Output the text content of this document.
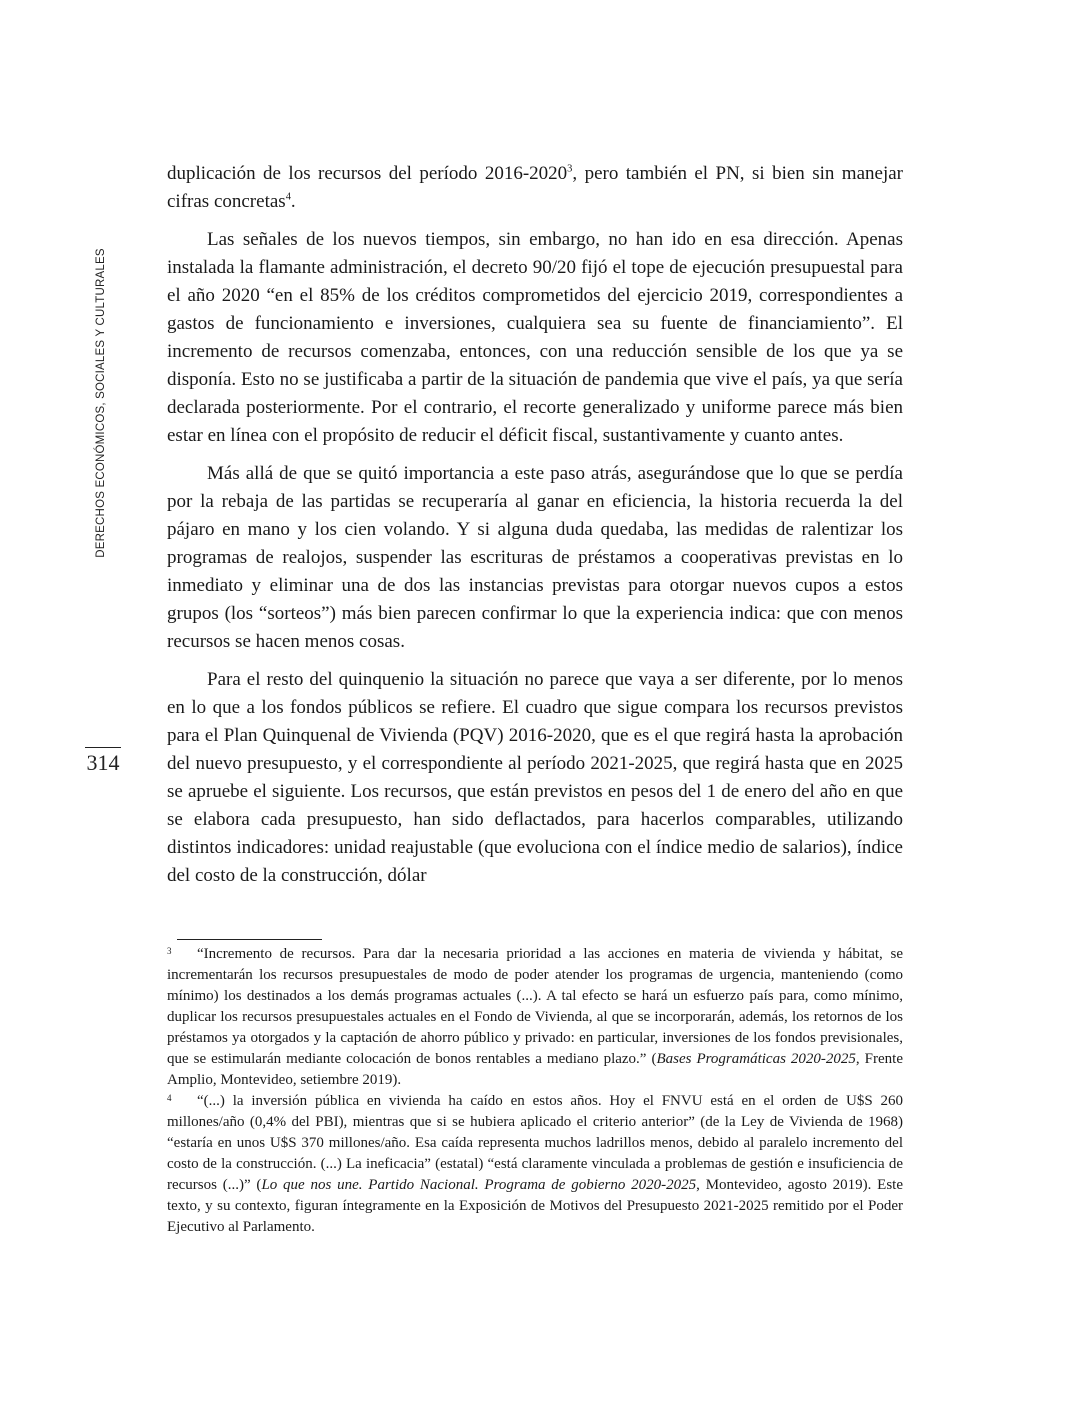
DERECHOS ECONÓMICOS, SOCIALES Y CULTURALES
314

duplicación de los recursos del período 2016-2020$^3$, pero también el PN, si bien sin manejar cifras concretas$^4$.

Las señales de los nuevos tiempos, sin embargo, no han ido en esa dirección. Apenas instalada la flamante administración, el decreto 90/20 fijó el tope de ejecución presupuestal para el año 2020 “en el 85% de los créditos comprometidos del ejercicio 2019, correspondientes a gastos de funcionamiento e inversiones, cualquiera sea su fuente de financiamiento”. El incremento de recursos comenzaba, entonces, con una reducción sensible de los que ya se disponía. Esto no se justificaba a partir de la situación de pandemia que vive el país, ya que sería declarada posteriormente. Por el contrario, el recorte generalizado y uniforme parece más bien estar en línea con el propósito de reducir el déficit fiscal, sustantivamente y cuanto antes.

Más allá de que se quitó importancia a este paso atrás, asegurándose que lo que se perdía por la rebaja de las partidas se recuperaría al ganar en eficiencia, la historia recuerda la del pájaro en mano y los cien volando. Y si alguna duda quedaba, las medidas de ralentizar los programas de realojos, suspender las escrituras de préstamos a cooperativas previstas en lo inmediato y eliminar una de dos las instancias previstas para otorgar nuevos cupos a estos grupos (los “sorteos”) más bien parecen confirmar lo que la experiencia indica: que con menos recursos se hacen menos cosas.

Para el resto del quinquenio la situación no parece que vaya a ser diferente, por lo menos en lo que a los fondos públicos se refiere. El cuadro que sigue compara los recursos previstos para el Plan Quinquenal de Vivienda (PQV) 2016-2020, que es el que regirá hasta la aprobación del nuevo presupuesto, y el correspondiente al período 2021-2025, que regirá hasta que en 2025 se apruebe el siguiente. Los recursos, que están previstos en pesos del 1 de enero del año en que se elabora cada presupuesto, han sido deflactados, para hacerlos comparables, utilizando distintos indicadores: unidad reajustable (que evoluciona con el índice medio de salarios), índice del costo de la construcción, dólar

3 “Incremento de recursos. Para dar la necesaria prioridad a las acciones en materia de vivienda y hábitat, se incrementarán los recursos presupuestales de modo de poder atender los programas de urgencia, manteniendo (como mínimo) los destinados a los demás programas actuales (...). A tal efecto se hará un esfuerzo país para, como mínimo, duplicar los recursos presupuestales actuales en el Fondo de Vivienda, al que se incorporarán, además, los retornos de los préstamos ya otorgados y la captación de ahorro público y privado: en particular, inversiones de los fondos previsionales, que se estimularán mediante colocación de bonos rentables a mediano plazo.” (Bases Programáticas 2020-2025, Frente Amplio, Montevideo, setiembre 2019).

4 “(...) la inversión pública en vivienda ha caído en estos años. Hoy el FNVU está en el orden de U$S 260 millones/año (0,4% del PBI), mientras que si se hubiera aplicado el criterio anterior” (de la Ley de Vivienda de 1968) “estaría en unos U$S 370 millones/año. Esa caída representa muchos ladrillos menos, debido al paralelo incremento del costo de la construcción. (...) La ineficacia” (estatal) “está claramente vinculada a problemas de gestión e insuficiencia de recursos (...)” (Lo que nos une. Partido Nacional. Programa de gobierno 2020-2025, Montevideo, agosto 2019). Este texto, y su contexto, figuran íntegramente en la Exposición de Motivos del Presupuesto 2021-2025 remitido por el Poder Ejecutivo al Parlamento.
